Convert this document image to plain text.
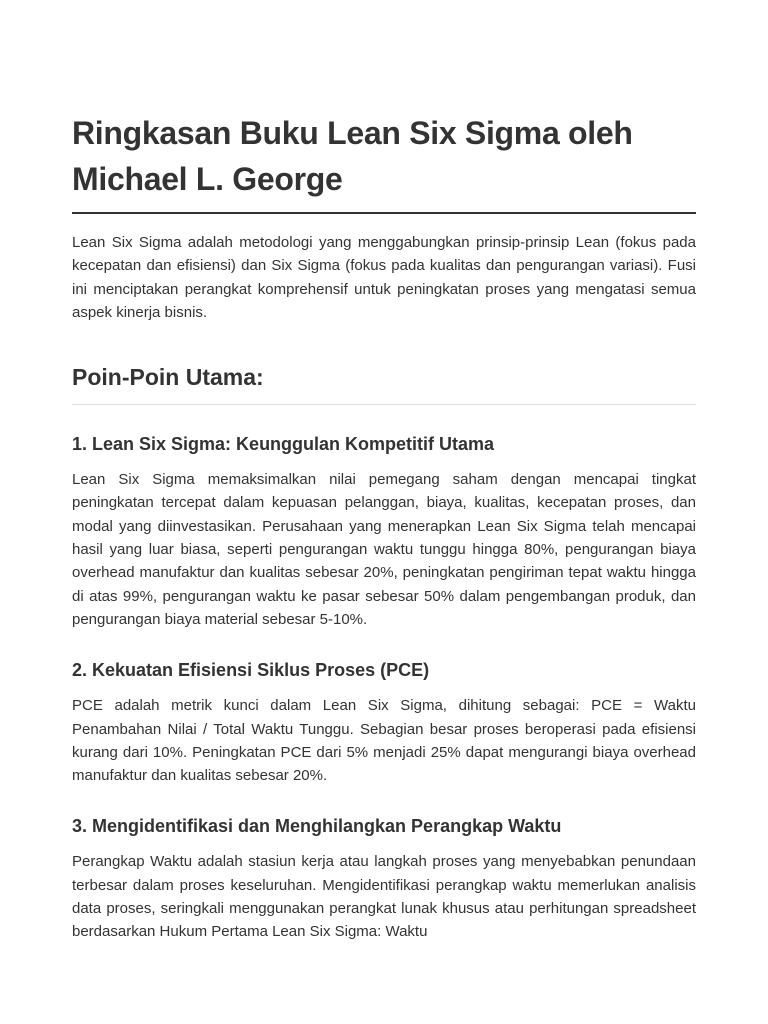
Ringkasan Buku Lean Six Sigma oleh Michael L. George

Lean Six Sigma adalah metodologi yang menggabungkan prinsip-prinsip Lean (fokus pada kecepatan dan efisiensi) dan Six Sigma (fokus pada kualitas dan pengurangan variasi). Fusi ini menciptakan perangkat komprehensif untuk peningkatan proses yang mengatasi semua aspek kinerja bisnis.

Poin-Poin Utama:
1. Lean Six Sigma: Keunggulan Kompetitif Utama

Lean Six Sigma memaksimalkan nilai pemegang saham dengan mencapai tingkat peningkatan tercepat dalam kepuasan pelanggan, biaya, kualitas, kecepatan proses, dan modal yang diinvestasikan. Perusahaan yang menerapkan Lean Six Sigma telah mencapai hasil yang luar biasa, seperti pengurangan waktu tunggu hingga 80%, pengurangan biaya overhead manufaktur dan kualitas sebesar 20%, peningkatan pengiriman tepat waktu hingga di atas 99%, pengurangan waktu ke pasar sebesar 50% dalam pengembangan produk, dan pengurangan biaya material sebesar 5-10%.

2. Kekuatan Efisiensi Siklus Proses (PCE)

PCE adalah metrik kunci dalam Lean Six Sigma, dihitung sebagai: PCE = Waktu Penambahan Nilai / Total Waktu Tunggu. Sebagian besar proses beroperasi pada efisiensi kurang dari 10%. Peningkatan PCE dari 5% menjadi 25% dapat mengurangi biaya overhead manufaktur dan kualitas sebesar 20%.

3. Mengidentifikasi dan Menghilangkan Perangkap Waktu

Perangkap Waktu adalah stasiun kerja atau langkah proses yang menyebabkan penundaan terbesar dalam proses keseluruhan. Mengidentifikasi perangkap waktu memerlukan analisis data proses, seringkali menggunakan perangkat lunak khusus atau perhitungan spreadsheet berdasarkan Hukum Pertama Lean Six Sigma: Waktu
